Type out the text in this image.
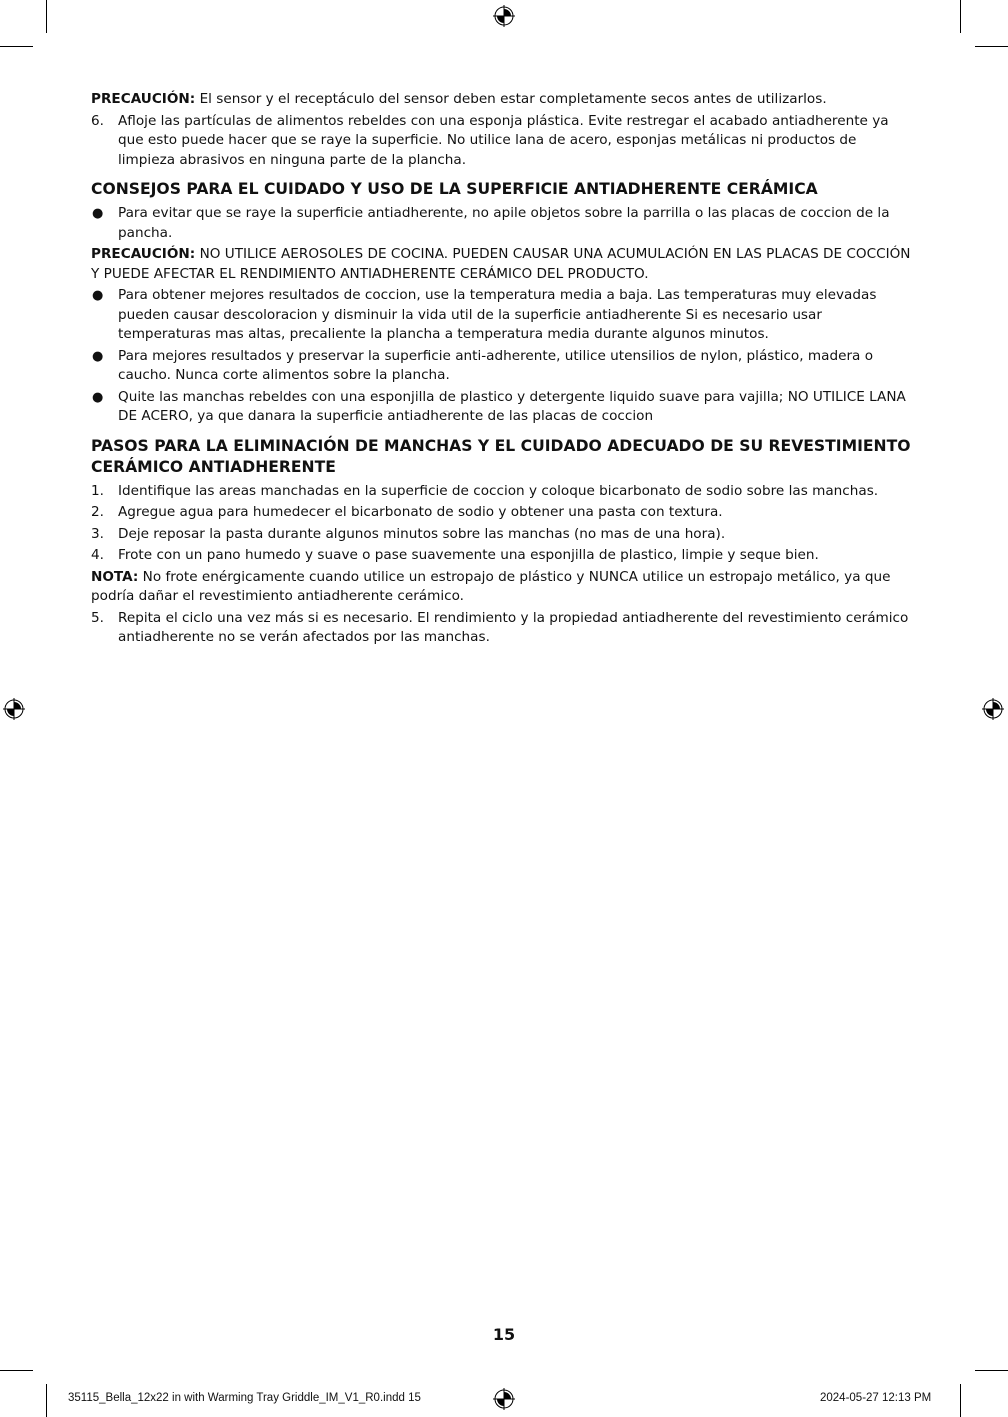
PRECAUCIÓN: El sensor y el receptáculo del sensor deben estar completamente secos antes de utilizarlos.

6. Afloje las partículas de alimentos rebeldes con una esponja plástica. Evite restregar el acabado antiadherente ya que esto puede hacer que se raye la superficie. No utilice lana de acero, esponjas metálicas ni productos de limpieza abrasivos en ninguna parte de la plancha.
CONSEJOS PARA EL CUIDADO Y USO DE LA SUPERFICIE ANTIADHERENTE CERÁMICA
● Para evitar que se raye la superficie antiadherente, no apile objetos sobre la parrilla o las placas de coccion de la pancha.

PRECAUCIÓN: NO UTILICE AEROSOLES DE COCINA. PUEDEN CAUSAR UNA ACUMULACIÓN EN LAS PLACAS DE COCCIÓN Y PUEDE AFECTAR EL RENDIMIENTO ANTIADHERENTE CERÁMICO DEL PRODUCTO.

● Para obtener mejores resultados de coccion, use la temperatura media a baja. Las temperaturas muy elevadas pueden causar descoloracion y disminuir la vida util de la superficie antiadherente Si es necesario usar temperaturas mas altas, precaliente la plancha a temperatura media durante algunos minutos.
● Para mejores resultados y preservar la superficie anti-adherente, utilice utensilios de nylon, plástico, madera o caucho. Nunca corte alimentos sobre la plancha.
● Quite las manchas rebeldes con una esponjilla de plastico y detergente liquido suave para vajilla; NO UTILICE LANA DE ACERO, ya que danara la superficie antiadherente de las placas de coccion
PASOS PARA LA ELIMINACIÓN DE MANCHAS Y EL CUIDADO ADECUADO DE SU REVESTIMIENTO CERÁMICO ANTIADHERENTE
1. Identifique las areas manchadas en la superficie de coccion y coloque bicarbonato de sodio sobre las manchas.
2. Agregue agua para humedecer el bicarbonato de sodio y obtener una pasta con textura.
3. Deje reposar la pasta durante algunos minutos sobre las manchas (no mas de una hora).
4. Frote con un pano humedo y suave o pase suavemente una esponjilla de plastico, limpie y seque bien.

NOTA: No frote enérgicamente cuando utilice un estropajo de plástico y NUNCA utilice un estropajo metálico, ya que podría dañar el revestimiento antiadherente cerámico.

5. Repita el ciclo una vez más si es necesario. El rendimiento y la propiedad antiadherente del revestimiento cerámico antiadherente no se verán afectados por las manchas.
15
35115_Bella_12x22 in with Warming Tray Griddle_IM_V1_R0.indd 15	2024-05-27 12:13 PM
